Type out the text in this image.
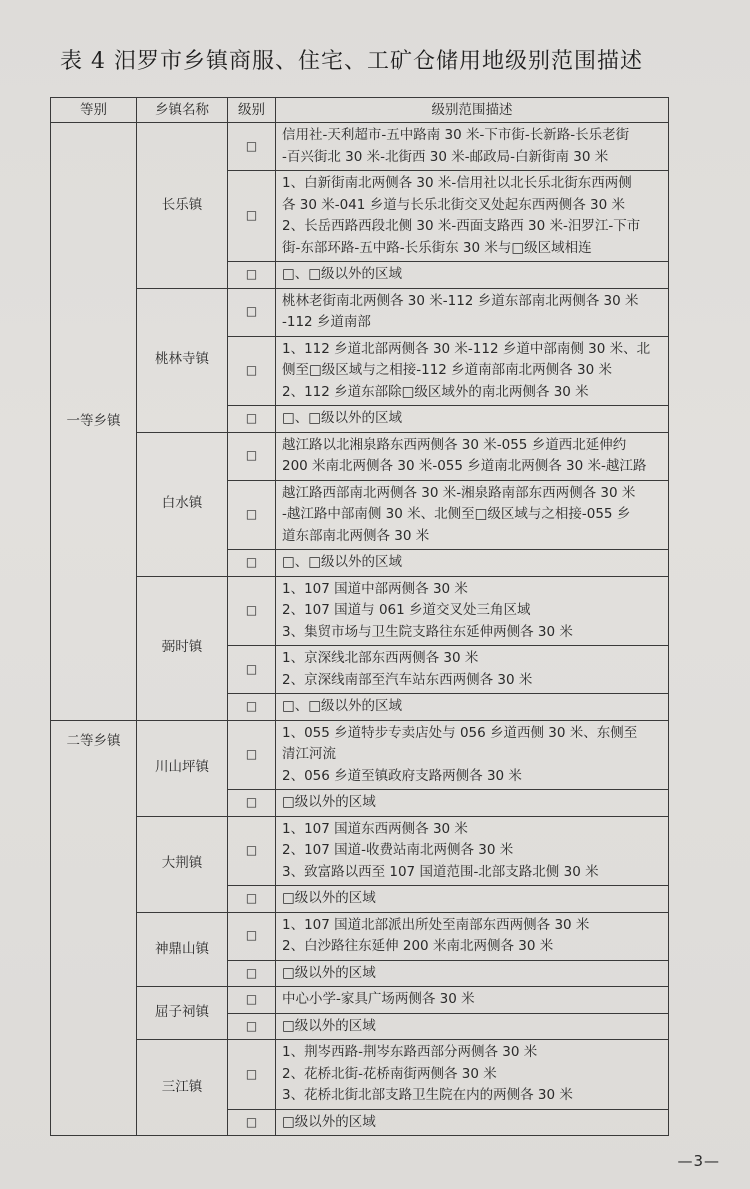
表 4 汨罗市乡镇商服、住宅、工矿仓储用地级别范围描述
等别	乡镇名称	级别	级别范围描述
一等乡镇	长乐镇	□	信用社-天利超市-五中路南 30 米-下市街-长新路-长乐老街
-百兴街北 30 米-北街西 30 米-邮政局-白新街南 30 米

		□	1、白新街南北两侧各 30 米-信用社以北长乐北街东西两侧
各 30 米-041 乡道与长乐北街交叉处起东西两侧各 30 米
2、长岳西路西段北侧 30 米-西面支路西 30 米-汨罗江-下市
街-东部环路-五中路-长乐街东 30 米与□级区域相连

		□	□、□级以外的区域

	桃林寺镇	□	桃林老街南北两侧各 30 米-112 乡道东部南北两侧各 30 米
-112 乡道南部

		□	1、112 乡道北部两侧各 30 米-112 乡道中部南侧 30 米、北
侧至□级区域与之相接-112 乡道南部南北两侧各 30 米
2、112 乡道东部除□级区域外的南北两侧各 30 米

		□	□、□级以外的区域

	白水镇	□	越江路以北湘泉路东西两侧各 30 米-055 乡道西北延伸约
200 米南北两侧各 30 米-055 乡道南北两侧各 30 米-越江路

		□	越江路西部南北两侧各 30 米-湘泉路南部东西两侧各 30 米
-越江路中部南侧 30 米、北侧至□级区域与之相接-055 乡
道东部南北两侧各 30 米

		□	□、□级以外的区域

	弼时镇	□	1、107 国道中部两侧各 30 米
2、107 国道与 061 乡道交叉处三角区域
3、集贸市场与卫生院支路往东延伸两侧各 30 米

		□	1、京深线北部东西两侧各 30 米
2、京深线南部至汽车站东西两侧各 30 米

		□	□、□级以外的区域

二等乡镇	川山坪镇	□	1、055 乡道特步专卖店处与 056 乡道西侧 30 米、东侧至
清江河流
2、056 乡道至镇政府支路两侧各 30 米

		□	□级以外的区域

	大荆镇	□	1、107 国道东西两侧各 30 米
2、107 国道-收费站南北两侧各 30 米
3、致富路以西至 107 国道范围-北部支路北侧 30 米

		□	□级以外的区域

	神鼎山镇	□	1、107 国道北部派出所处至南部东西两侧各 30 米
2、白沙路往东延伸 200 米南北两侧各 30 米

		□	□级以外的区域

	屈子祠镇	□	中心小学-家具广场两侧各 30 米

		□	□级以外的区域

	三江镇	□	1、荆岑西路-荆岑东路西部分两侧各 30 米
2、花桥北街-花桥南街两侧各 30 米
3、花桥北街北部支路卫生院在内的两侧各 30 米

		□	□级以外的区域
—3—
